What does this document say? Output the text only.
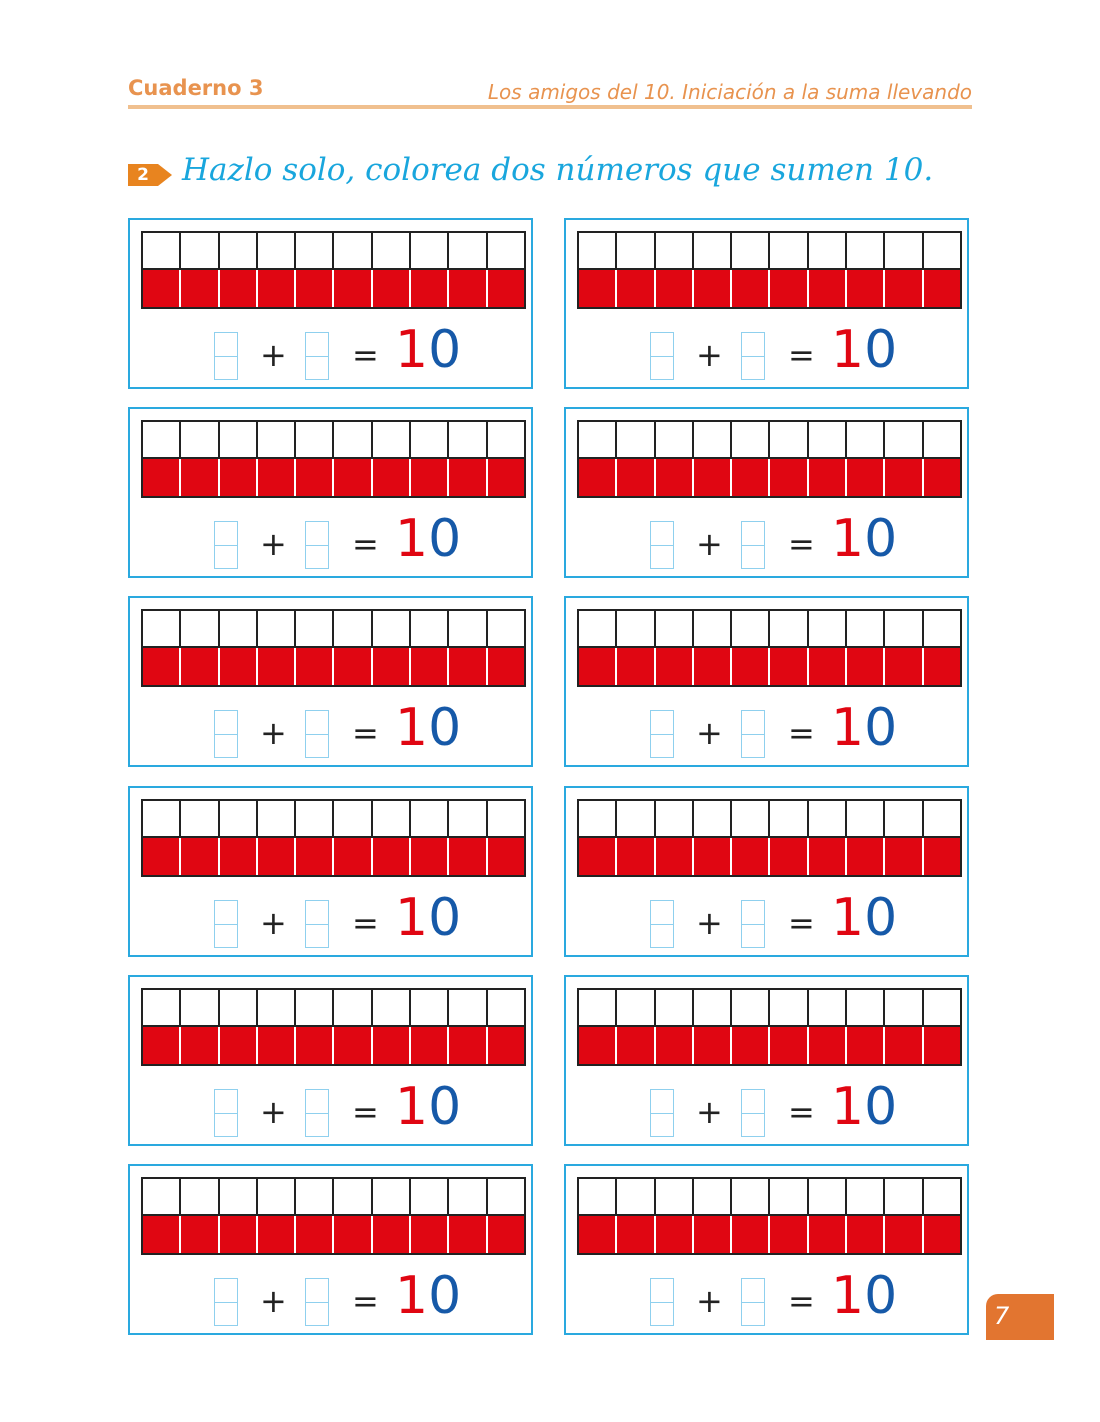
Cuaderno 3	Los amigos del 10. Iniciación a la suma llevando
2 Hazlo solo, colorea dos números que sumen 10.
+ = 10	+ = 10
+ = 10	+ = 10
+ = 10	+ = 10
+ = 10	+ = 10
+ = 10	+ = 10
+ = 10	+ = 10	7
